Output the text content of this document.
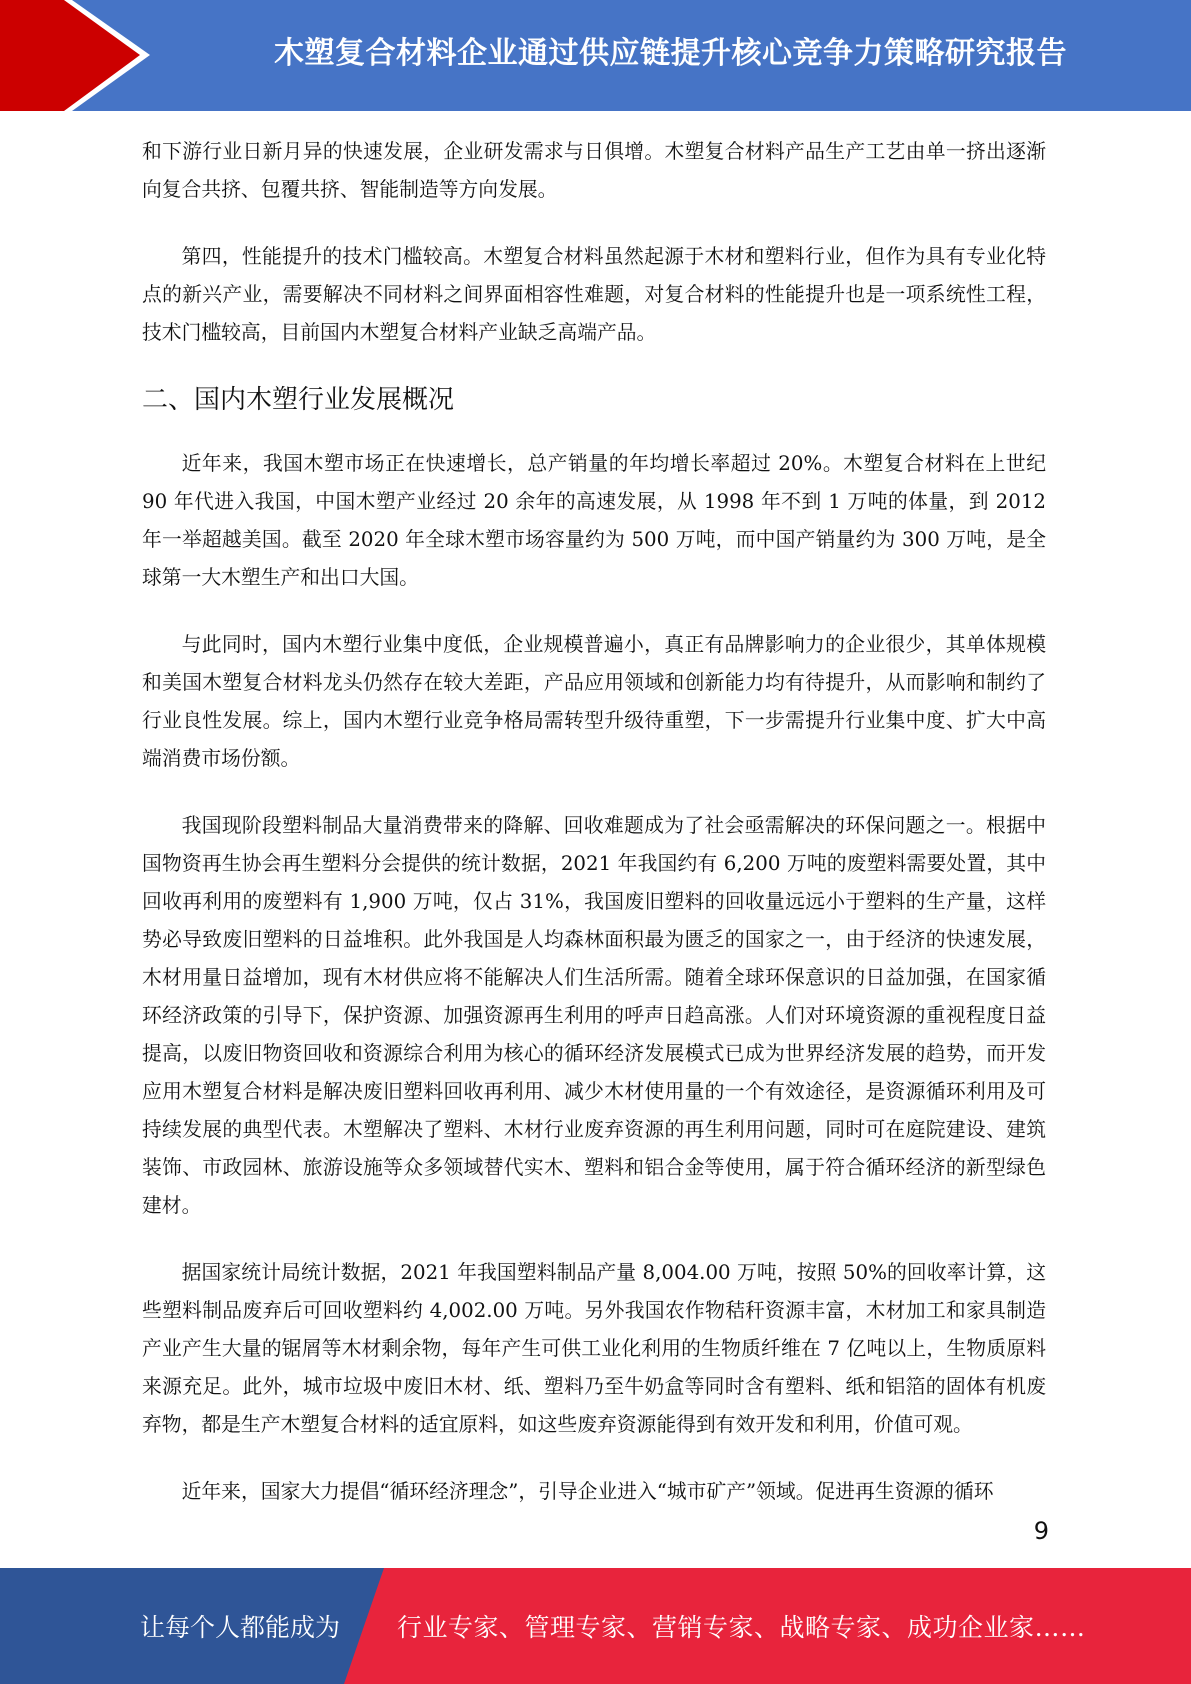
木塑复合材料企业通过供应链提升核心竞争力策略研究报告

和下游行业日新月异的快速发展，企业研发需求与日俱增。木塑复合材料产品生产工艺由单一挤出逐渐向复合共挤、包覆共挤、智能制造等方向发展。

第四，性能提升的技术门槛较高。木塑复合材料虽然起源于木材和塑料行业，但作为具有专业化特点的新兴产业，需要解决不同材料之间界面相容性难题，对复合材料的性能提升也是一项系统性工程，技术门槛较高，目前国内木塑复合材料产业缺乏高端产品。

二、国内木塑行业发展概况

近年来，我国木塑市场正在快速增长，总产销量的年均增长率超过 20%。木塑复合材料在上世纪 90 年代进入我国，中国木塑产业经过 20 余年的高速发展，从 1998 年不到 1 万吨的体量，到 2012 年一举超越美国。截至 2020 年全球木塑市场容量约为 500 万吨，而中国产销量约为 300 万吨，是全球第一大木塑生产和出口大国。

与此同时，国内木塑行业集中度低，企业规模普遍小，真正有品牌影响力的企业很少，其单体规模和美国木塑复合材料龙头仍然存在较大差距，产品应用领域和创新能力均有待提升，从而影响和制约了行业良性发展。综上，国内木塑行业竞争格局需转型升级待重塑，下一步需提升行业集中度、扩大中高端消费市场份额。

我国现阶段塑料制品大量消费带来的降解、回收难题成为了社会亟需解决的环保问题之一。根据中国物资再生协会再生塑料分会提供的统计数据，2021 年我国约有 6,200 万吨的废塑料需要处置，其中回收再利用的废塑料有 1,900 万吨，仅占 31%，我国废旧塑料的回收量远远小于塑料的生产量，这样势必导致废旧塑料的日益堆积。此外我国是人均森林面积最为匮乏的国家之一，由于经济的快速发展，木材用量日益增加，现有木材供应将不能解决人们生活所需。随着全球环保意识的日益加强，在国家循环经济政策的引导下，保护资源、加强资源再生利用的呼声日趋高涨。人们对环境资源的重视程度日益提高，以废旧物资回收和资源综合利用为核心的循环经济发展模式已成为世界经济发展的趋势，而开发应用木塑复合材料是解决废旧塑料回收再利用、减少木材使用量的一个有效途径，是资源循环利用及可持续发展的典型代表。木塑解决了塑料、木材行业废弃资源的再生利用问题，同时可在庭院建设、建筑装饰、市政园林、旅游设施等众多领域替代实木、塑料和铝合金等使用，属于符合循环经济的新型绿色建材。

据国家统计局统计数据，2021 年我国塑料制品产量 8,004.00 万吨，按照 50%的回收率计算，这些塑料制品废弃后可回收塑料约 4,002.00 万吨。另外我国农作物秸秆资源丰富，木材加工和家具制造产业产生大量的锯屑等木材剩余物，每年产生可供工业化利用的生物质纤维在 7 亿吨以上，生物质原料来源充足。此外，城市垃圾中废旧木材、纸、塑料乃至牛奶盒等同时含有塑料、纸和铝箔的固体有机废弃物，都是生产木塑复合材料的适宜原料，如这些废弃资源能得到有效开发和利用，价值可观。

近年来，国家大力提倡“循环经济理念”，引导企业进入“城市矿产”领域。促进再生资源的循环

9
让每个人都能成为 行业专家、管理专家、营销专家、战略专家、成功企业家……
